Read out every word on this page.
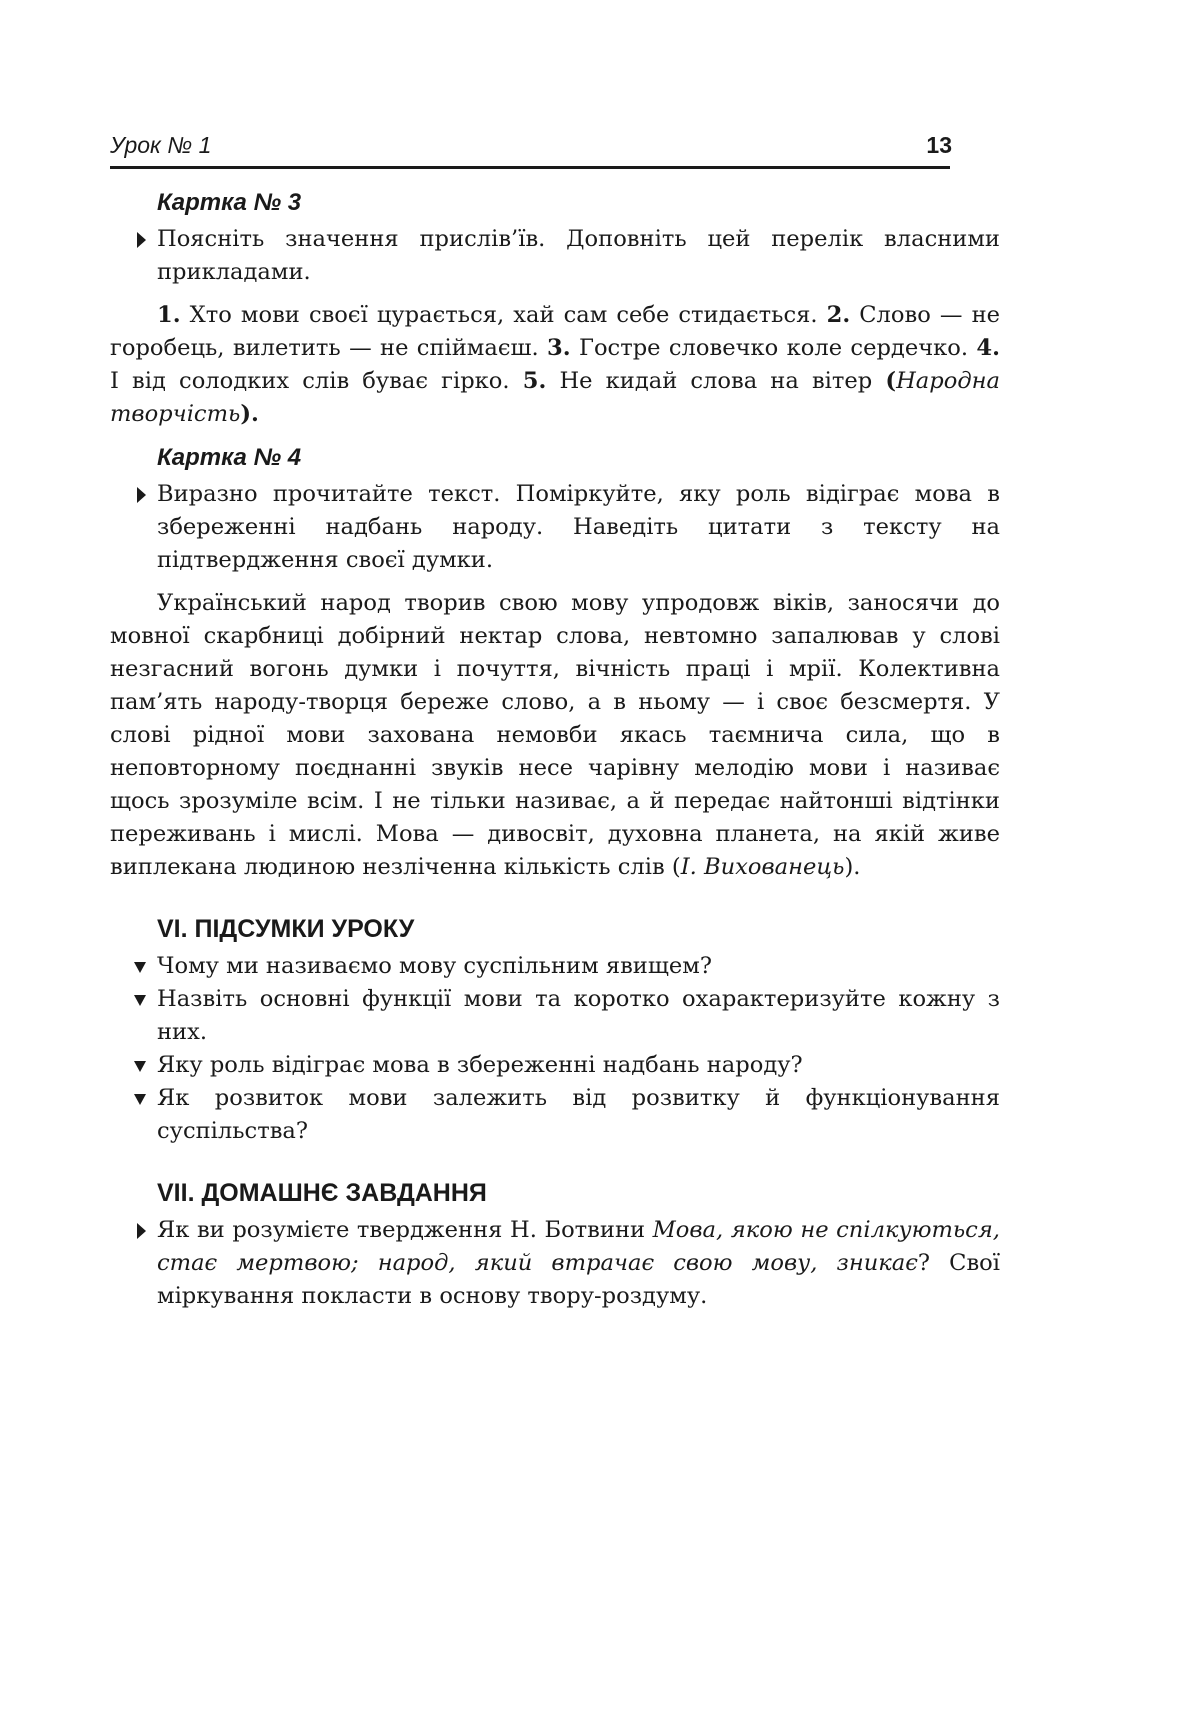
Урок № 1	13
Картка № 3

Поясніть значення прислів’їв. Доповніть цей перелік власними прикладами.

1. Хто мови своєї цурається, хай сам себе стидається. 2. Слово — не горобець, вилетить — не спіймаєш. 3. Гостре словечко коле сердечко. 4. І від солодких слів буває гірко. 5. Не кидай слова на вітер (Народна творчість).

Картка № 4

Виразно прочитайте текст. Поміркуйте, яку роль відіграє мова в збереженні надбань народу. Наведіть цитати з тексту на підтвердження своєї думки.

Український народ творив свою мову упродовж віків, заносячи до мовної скарбниці добірний нектар слова, невтомно запалював у слові незгасний вогонь думки і почуття, вічність праці і мрії. Колективна пам’ять народу-творця береже слово, а в ньому — і своє безсмертя. У слові рідної мови захована немовби якась таємнича сила, що в неповторному поєднанні звуків несе чарівну мелодію мови і називає щось зрозуміле всім. І не тільки називає, а й передає найтонші відтінки переживань і мислі. Мова — дивосвіт, духовна планета, на якій живе виплекана людиною незліченна кількість слів (І. Вихованець).

VI. ПІДСУМКИ УРОКУ
Чому ми називаємо мову суспільним явищем?
Назвіть основні функції мови та коротко охарактеризуйте кожну з них.
Яку роль відіграє мова в збереженні надбань народу?
Як розвиток мови залежить від розвитку й функціонування суспільства?
VII. ДОМАШНЄ ЗАВДАННЯ

Як ви розумієте твердження Н. Ботвини Мова, якою не спілкуються, стає мертвою; народ, який втрачає свою мову, зникає? Свої міркування покласти в основу твору-роздуму.
